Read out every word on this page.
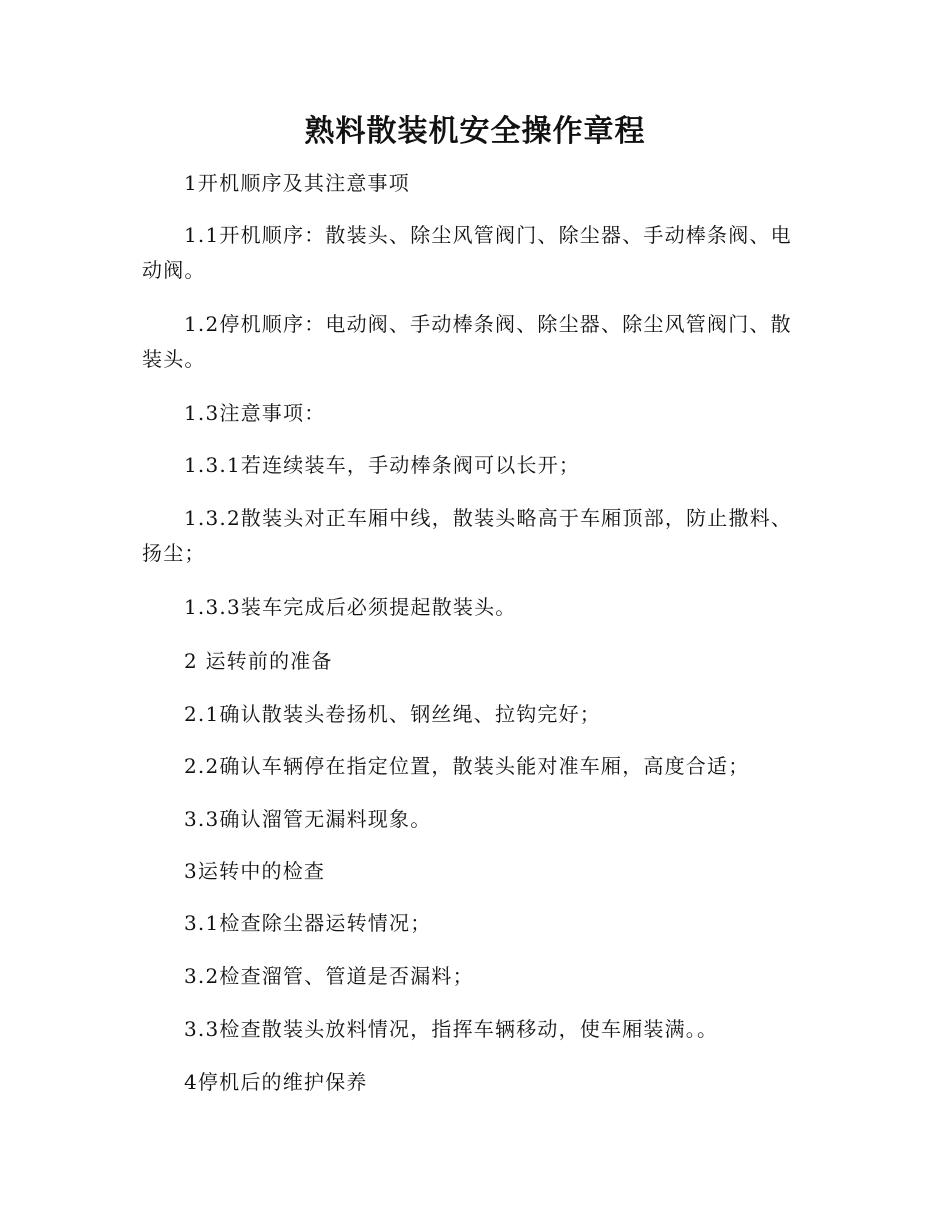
熟料散装机安全操作章程

1开机顺序及其注意事项

1.1开机顺序：散装头、除尘风管阀门、除尘器、手动棒条阀、电动阀。

1.2停机顺序：电动阀、手动棒条阀、除尘器、除尘风管阀门、散装头。

1.3注意事项：

1.3.1若连续装车，手动棒条阀可以长开；

1.3.2散装头对正车厢中线，散装头略高于车厢顶部，防止撒料、扬尘；

1.3.3装车完成后必须提起散装头。

2 运转前的准备

2.1确认散装头卷扬机、钢丝绳、拉钩完好；

2.2确认车辆停在指定位置，散装头能对准车厢，高度合适；

3.3确认溜管无漏料现象。

3运转中的检查

3.1检查除尘器运转情况；

3.2检查溜管、管道是否漏料；

3.3检查散装头放料情况，指挥车辆移动，使车厢装满。。

4停机后的维护保养
